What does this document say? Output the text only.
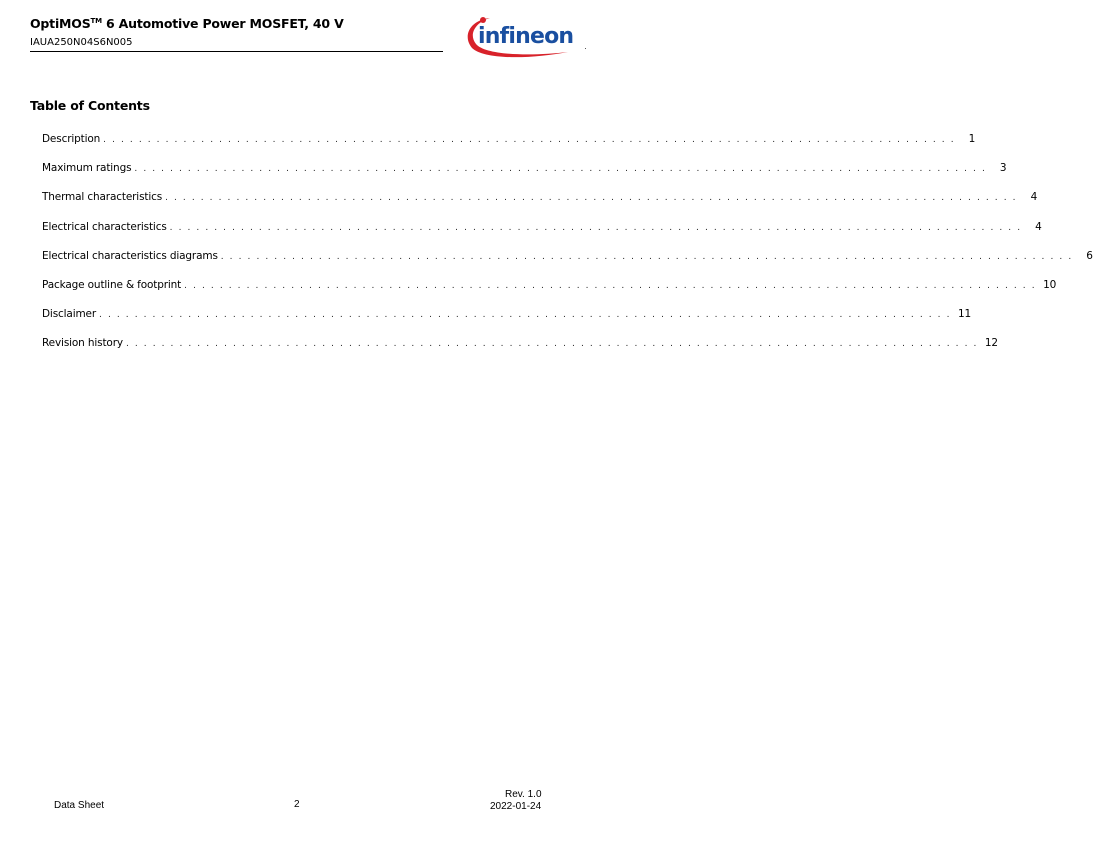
OptiMOS™ 6 Automotive Power MOSFET, 40 V
IAUA250N04S6N005	infineon
Table of Contents
Description . . . . . . . . . . . . . . . . . . . . . . . . . . . . . . . . . . . . . . . . . . . . . . . . . . . . . . . . . . . . . . . . . . . . . . . . . . . . . . . . . . . . . . . . . . . . . . . .	1
Maximum ratings . . . . . . . . . . . . . . . . . . . . . . . . . . . . . . . . . . . . . . . . . . . . . . . . . . . . . . . . . . . . . . . . . . . . . . . . . . . . . . . . . . . . . . . . . . . . . . . .	3
Thermal characteristics . . . . . . . . . . . . . . . . . . . . . . . . . . . . . . . . . . . . . . . . . . . . . . . . . . . . . . . . . . . . . . . . . . . . . . . . . . . . . . . . . . . . . . . . . . . . . . . .	4
Electrical characteristics . . . . . . . . . . . . . . . . . . . . . . . . . . . . . . . . . . . . . . . . . . . . . . . . . . . . . . . . . . . . . . . . . . . . . . . . . . . . . . . . . . . . . . . . . . . . . . . .	4
Electrical characteristics diagrams . . . . . . . . . . . . . . . . . . . . . . . . . . . . . . . . . . . . . . . . . . . . . . . . . . . . . . . . . . . . . . . . . . . . . . . . . . . . . . . . . . . . . . . . . . . . . . . .	6
Package outline & footprint . . . . . . . . . . . . . . . . . . . . . . . . . . . . . . . . . . . . . . . . . . . . . . . . . . . . . . . . . . . . . . . . . . . . . . . . . . . . . . . . . . . . . . . . . . . . . . . . 10
Disclaimer . . . . . . . . . . . . . . . . . . . . . . . . . . . . . . . . . . . . . . . . . . . . . . . . . . . . . . . . . . . . . . . . . . . . . . . . . . . . . . . . . . . . . . . . . . . . . . . . 11
Revision history . . . . . . . . . . . . . . . . . . . . . . . . . . . . . . . . . . . . . . . . . . . . . . . . . . . . . . . . . . . . . . . . . . . . . . . . . . . . . . . . . . . . . . . . . . . . . . . . 12
Data Sheet	2
Rev. 1.0
2022-01-24
